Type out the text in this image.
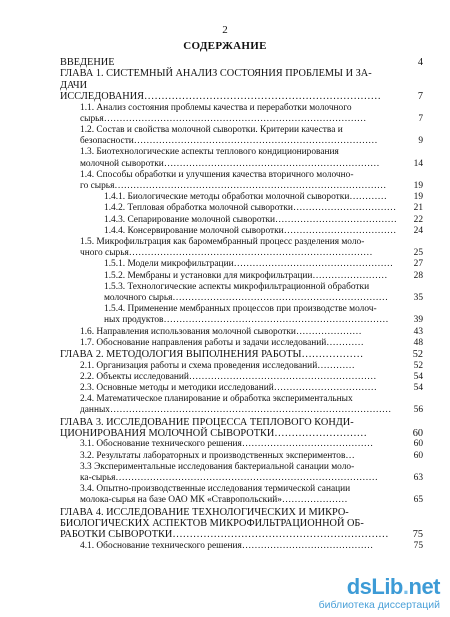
2
СОДЕРЖАНИЕ
ВВЕДЕНИЕ	4
ГЛАВА 1. СИСТЕМНЫЙ АНАЛИЗ СОСТОЯНИЯ ПРОБЛЕМЫ И ЗА-
ДАЧИ ИССЛЕДОВАНИЯ……………………………………………………………	7
1.1. Анализ состояния проблемы качества и переработки молочного
сырья…………………………………………………………………………	7
1.2. Состав и свойства молочной сыворотки. Критерии качества и
безопасности……………………………………………………………………	9
1.3. Биотехнологические аспекты теплового кондиционирования
молочной сыворотки……………………………………………………………	14
1.4. Способы обработки и улучшения качества вторичного молочно-
го сырья……………………………………………………………………………	19
1.4.1. Биологические методы обработки молочной сыворотки…………	19
1.4.2. Тепловая обработка молочной сыворотки……………………………	21
1.4.3. Сепарирование молочной сыворотки…………………………………	22
1.4.4. Консервирование молочной сыворотки………………………………	24
1.5. Микрофильтрация как баромембранный процесс разделения моло-
чного сырья……………………………………………………………………	25
1.5.1. Модели микрофильтрации……………………………………………	27
1.5.2. Мембраны и установки для микрофильтрации……………………	28
1.5.3. Технологические аспекты микрофильтрационной обработки
молочного сырья……………………………………………………………	35
1.5.4. Применение мембранных процессов при производстве молоч-
ных продуктов………………………………………………………………	39
1.6. Направления использования молочной сыворотки…………………	43
1.7. Обоснование направления работы и задачи исследований…………	48
ГЛАВА 2. МЕТОДОЛОГИЯ ВЫПОЛНЕНИЯ РАБОТЫ………………	52
2.1. Организация работы и схема проведения исследований…………	52
2.2. Объекты исследований……………………………………………………	54
2.3. Основные методы и методики исследований……………………………	54
2.4. Математическое планирование и обработка экспериментальных
данных………………………………………………………………………………	56
ГЛАВА 3. ИССЛЕДОВАНИЕ ПРОЦЕССА ТЕПЛОВОГО КОНДИ-
ЦИОНИРОВАНИЯ МОЛОЧНОЙ СЫВОРОТКИ………………………	60
3.1. Обоснование технического решения……………………………………	60
3.2. Результаты лабораторных и производственных экспериментов…	60
3.3 Экспериментальные исследования бактериальной санации моло-
ка-сырья…………………………………………………………………………	63
3.4. Опытно-производственные исследования термической санации
молока-сырья на базе ОАО МК «Ставропольский»…………………	65
ГЛАВА 4. ИССЛЕДОВАНИЕ ТЕХНОЛОГИЧЕСКИХ И МИКРО-
БИОЛОГИЧЕСКИХ АСПЕКТОВ МИКРОФИЛЬТРАЦИОННОЙ ОБ-
РАБОТКИ СЫВОРОТКИ………………………………………………………	75
4.1. Обоснование технического решения……………………………………	75
dsLib.net
библиотека диссертаций
